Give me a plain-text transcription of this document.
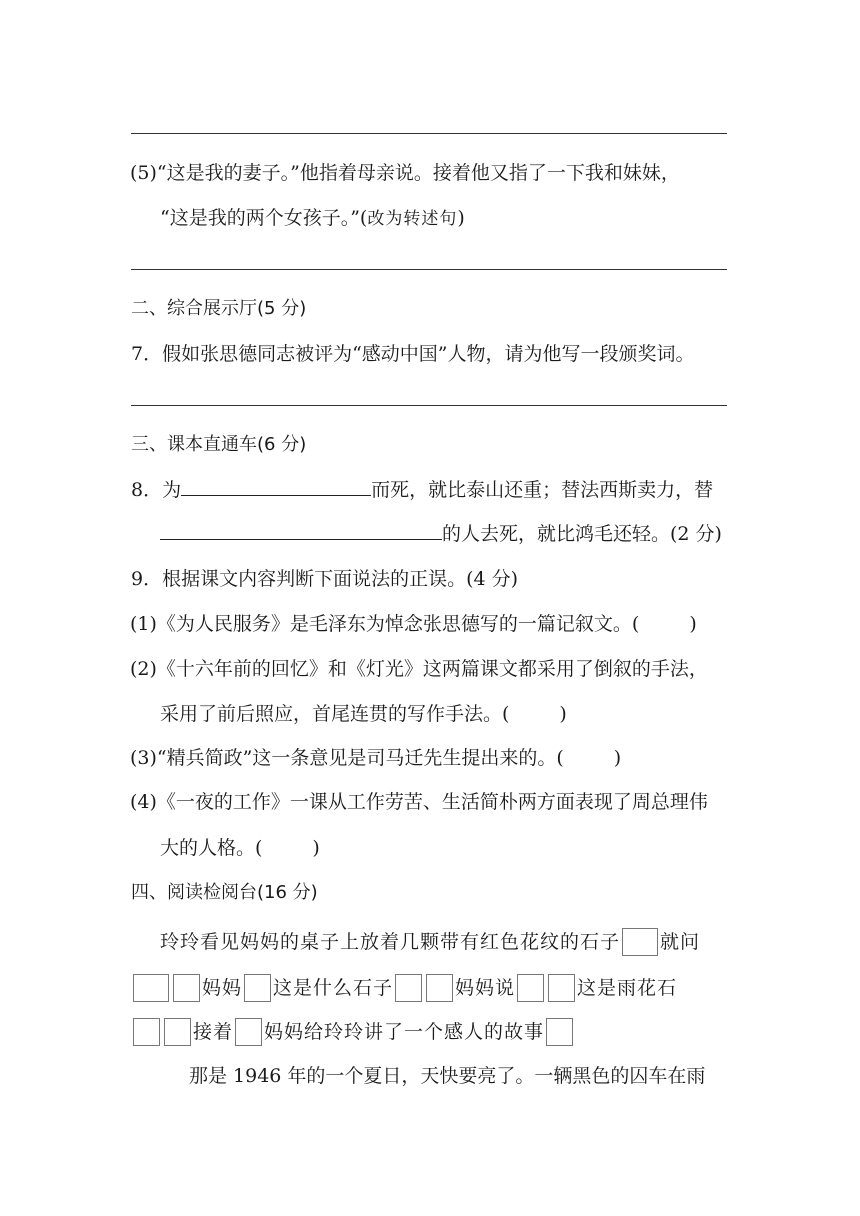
(5)“这是我的妻子。”他指着母亲说。接着他又指了一下我和妹妹，
“这是我的两个女孩子。”(改为转述句)
二、综合展示厅(5 分)
7．假如张思德同志被评为“感动中国”人物，请为他写一段颁奖词。
三、课本直通车(6 分)
8．为	而死，就比泰山还重；替法西斯卖力，替
的人去死，就比鸿毛还轻。(2 分)
9．根据课文内容判断下面说法的正误。(4 分)
(1)《为人民服务》是毛泽东为悼念张思德写的一篇记叙文。(	)
(2)《十六年前的回忆》和《灯光》这两篇课文都采用了倒叙的手法，
采用了前后照应，首尾连贯的写作手法。(	)
(3)“精兵简政”这一条意见是司马迁先生提出来的。(	)
(4)《一夜的工作》一课从工作劳苦、生活简朴两方面表现了周总理伟
大的人格。(	)
四、阅读检阅台(16 分)
玲玲看见妈妈的桌子上放着几颗带有红色花纹的石子 就问
妈妈 这是什么石子	妈妈说	这是雨花石
接着 妈妈给玲玲讲了一个感人的故事
那是 1946 年的一个夏日，天快要亮了。一辆黑色的囚车在雨
